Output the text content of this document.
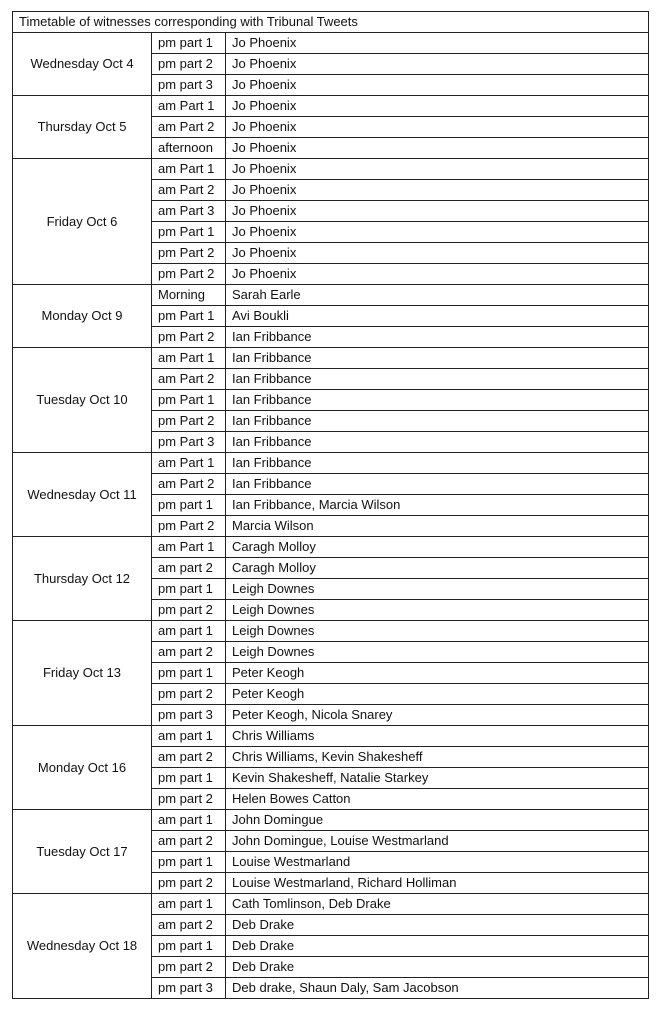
Timetable of witnesses corresponding with Tribunal Tweets		
Wednesday Oct 4	pm part 1	Jo Phoenix
	pm part 2	Jo Phoenix
	pm part 3	Jo Phoenix
Thursday Oct 5	am Part 1	Jo Phoenix
	am Part 2	Jo Phoenix
	afternoon	Jo Phoenix
Friday Oct 6	am Part 1	Jo Phoenix
	am Part 2	Jo Phoenix
	am Part 3	Jo Phoenix
	pm Part 1	Jo Phoenix
	pm Part 2	Jo Phoenix
	pm Part 2	Jo Phoenix
Monday Oct 9	Morning	Sarah Earle
	pm Part 1	Avi Boukli
	pm Part 2	Ian Fribbance
Tuesday Oct 10	am Part 1	Ian Fribbance
	am Part 2	Ian Fribbance
	pm Part 1	Ian Fribbance
	pm Part 2	Ian Fribbance
	pm Part 3	Ian Fribbance
Wednesday Oct 11	am Part 1	Ian Fribbance
	am Part 2	Ian Fribbance
	pm part 1	Ian Fribbance, Marcia Wilson
	pm Part 2	Marcia Wilson
Thursday Oct 12	am Part 1	Caragh Molloy
	am part 2	Caragh Molloy
	pm part 1	Leigh Downes
	pm part 2	Leigh Downes
Friday Oct 13	am part 1	Leigh Downes
	am part 2	Leigh Downes
	pm part 1	Peter Keogh
	pm part 2	Peter Keogh
	pm part 3	Peter Keogh, Nicola Snarey
Monday Oct 16	am part 1	Chris Williams
	am part 2	Chris Williams, Kevin Shakesheff
	pm part 1	Kevin Shakesheff, Natalie Starkey
	pm part 2	Helen Bowes Catton
Tuesday Oct 17	am part 1	John Domingue
	am part 2	John Domingue, Louise Westmarland
	pm part 1	Louise Westmarland
	pm part 2	Louise Westmarland, Richard Holliman
Wednesday Oct 18	am part 1	Cath Tomlinson, Deb Drake
	am part 2	Deb Drake
	pm part 1	Deb Drake
	pm part 2	Deb Drake
	pm part 3	Deb drake, Shaun Daly, Sam Jacobson
